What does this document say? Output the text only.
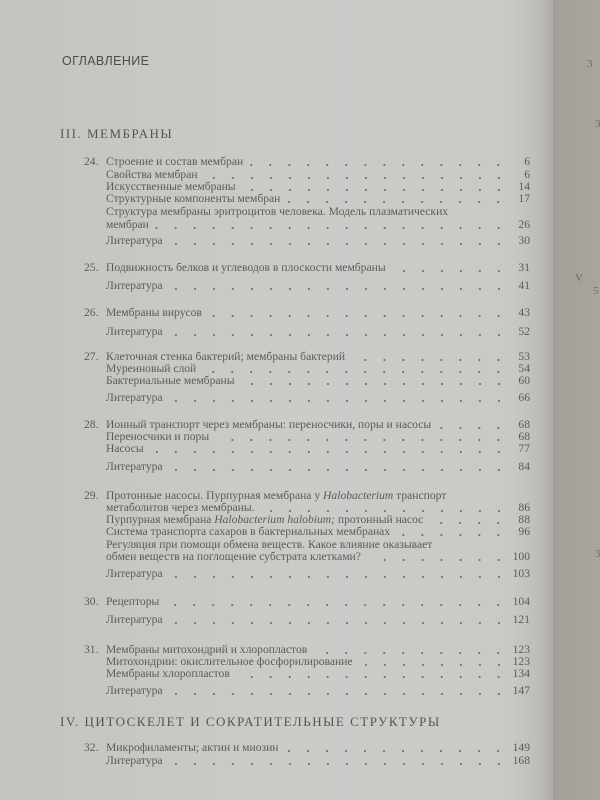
3
3
5
3
V
ОГЛАВЛЕНИЕ
III. МЕМБРАНЫ
24. Строение и состав мембран	6
Свойства мембран	6
Искусственные мембраны	14
Структурные компоненты мембран	17
Структура мембраны эритроцитов человека. Модель плазматических
мембран	26
Литература	30
25. Подвижность белков и углеводов в плоскости мембраны	31
Литература	41
26. Мембраны вирусов	43
Литература	52
27. Клеточная стенка бактерий; мембраны бактерий	53
Муреиновый слой	54
Бактериальные мембраны	60
Литература	66
28. Ионный транспорт через мембраны: переносчики, поры и насосы	68
Переносчики и поры	68
Насосы	77
Литература	84
29. Протонные насосы. Пурпурная мембрана у Halobacterium транспорт
метаболитов через мембраны.	86
Пурпурная мембрана Halobacterium halobium; протонный насос	88
Система транспорта сахаров в бактериальных мембранах	96
Регуляция при помощи обмена веществ. Какое влияние оказывает
обмен веществ на поглощение субстрата клетками?	100
Литература	103
30. Рецепторы	104
Литература	121
31. Мембраны митохондрий и хлоропластов	123
Митохондрии: окислительное фосфорилирование	123
Мембраны хлоропластов	134
Литература	147
IV. ЦИТОСКЕЛЕТ И СОКРАТИТЕЛЬНЫЕ СТРУКТУРЫ
32. Микрофиламенты; актин и миозин	149
Литература	168
